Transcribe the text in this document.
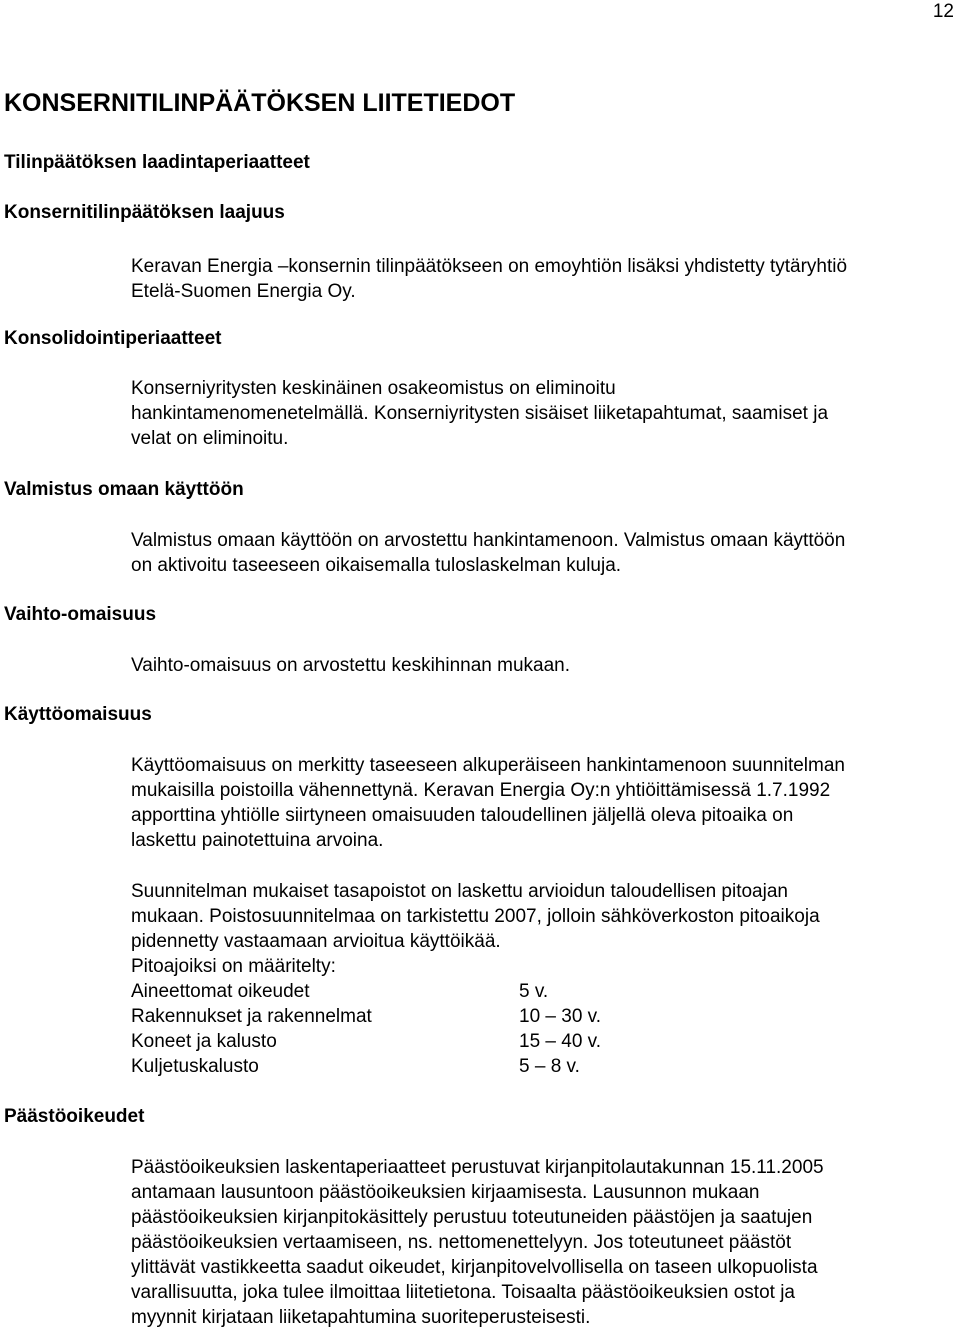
12
KONSERNITILINPÄÄTÖKSEN LIITETIEDOT
Tilinpäätöksen laadintaperiaatteet
Konsernitilinpäätöksen laajuus

Keravan Energia –konsernin tilinpäätökseen on emoyhtiön lisäksi yhdistetty tytäryhtiö
Etelä-Suomen Energia Oy.

Konsolidointiperiaatteet

Konserniyritysten keskinäinen osakeomistus on eliminoitu
hankintamenomenetelmällä. Konserniyritysten sisäiset liiketapahtumat, saamiset ja
velat on eliminoitu.

Valmistus omaan käyttöön

Valmistus omaan käyttöön on arvostettu hankintamenoon. Valmistus omaan käyttöön
on aktivoitu taseeseen oikaisemalla tuloslaskelman kuluja.

Vaihto-omaisuus

Vaihto-omaisuus on arvostettu keskihinnan mukaan.

Käyttöomaisuus

Käyttöomaisuus on merkitty taseeseen alkuperäiseen hankintamenoon suunnitelman
mukaisilla poistoilla vähennettynä. Keravan Energia Oy:n yhtiöittämisessä 1.7.1992
apporttina yhtiölle siirtyneen omaisuuden taloudellinen jäljellä oleva pitoaika on
laskettu painotettuina arvoina.

Suunnitelman mukaiset tasapoistot on laskettu arvioidun taloudellisen pitoajan
mukaan. Poistosuunnitelmaa on tarkistettu 2007, jolloin sähköverkoston pitoaikoja
pidennetty vastaamaan arvioitua käyttöikää.
Pitoajoiksi on määritelty:

Aineettomat oikeudet	5 v.
Rakennukset ja rakennelmat	10 – 30 v.
Koneet ja kalusto	15 – 40 v.
Kuljetuskalusto	5 – 8 v.
Päästöoikeudet

Päästöoikeuksien laskentaperiaatteet perustuvat kirjanpitolautakunnan 15.11.2005
antamaan lausuntoon päästöoikeuksien kirjaamisesta. Lausunnon mukaan
päästöoikeuksien kirjanpitokäsittely perustuu toteutuneiden päästöjen ja saatujen
päästöoikeuksien vertaamiseen, ns. nettomenettelyyn. Jos toteutuneet päästöt
ylittävät vastikkeetta saadut oikeudet, kirjanpitovelvollisella on taseen ulkopuolista
varallisuutta, joka tulee ilmoittaa liitetietona. Toisaalta päästöoikeuksien ostot ja
myynnit kirjataan liiketapahtumina suoriteperusteisesti.
